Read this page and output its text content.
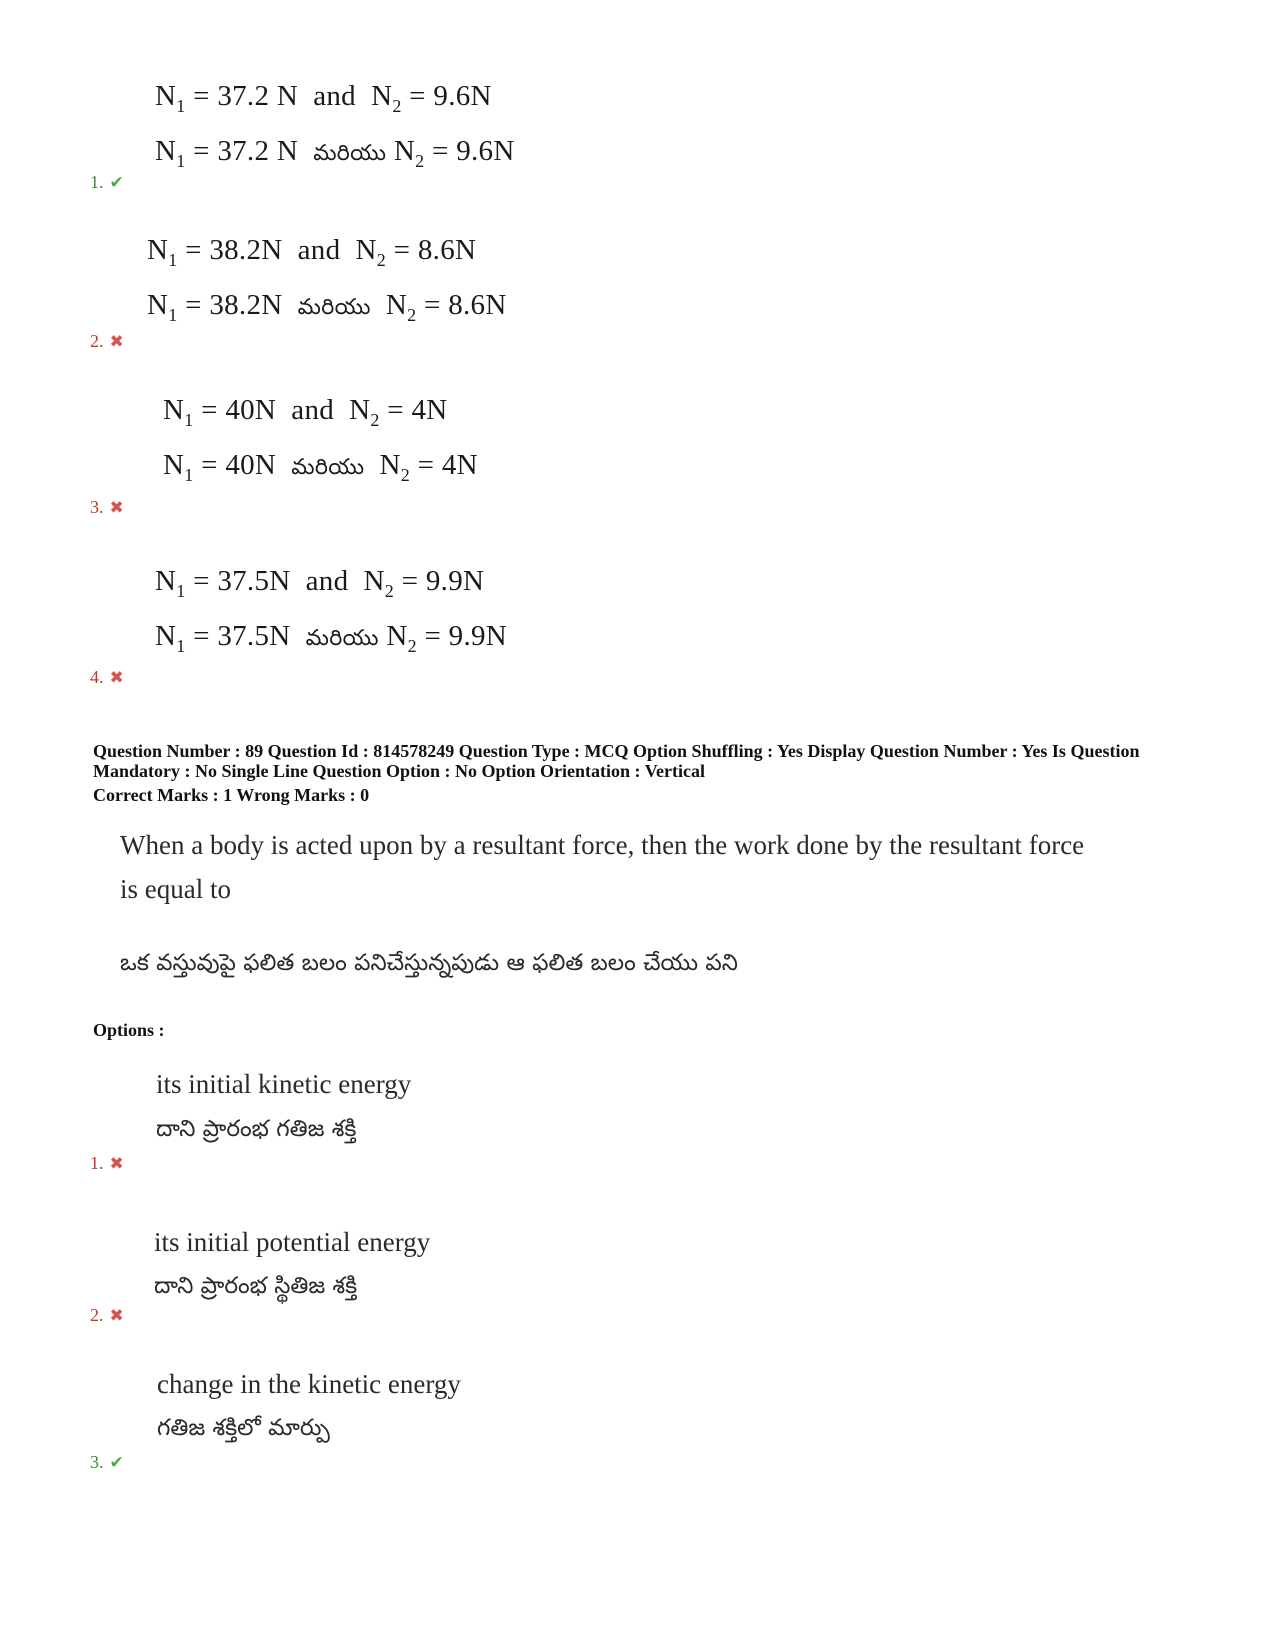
$N_1 = 37.2$ N and  $N_2 = 9.6N$
$N_1 = 37.2$ N మరియు $N_2 = 9.6N$
1. ✔
$N_1 = 38.2N$ and  $N_2 = 8.6N$
$N_1 = 38.2N$ మరియు  $N_2 = 8.6N$
2. ✖
$N_1 = 40N$ and  $N_2 = 4N$
$N_1 = 40N$ మరియు  $N_2 = 4N$
3. ✖
$N_1 = 37.5N$ and  $N_2 = 9.9N$
$N_1 = 37.5N$ మరియు $N_2 = 9.9N$
4. ✖
Question Number : 89 Question Id : 814578249 Question Type : MCQ Option Shuffling : Yes Display Question Number : Yes Is Question
Mandatory : No Single Line Question Option : No Option Orientation : Vertical
Correct Marks : 1 Wrong Marks : 0
When a body is acted upon by a resultant force, then the work done by the resultant force
is equal to
ఒక వస్తువుపై ఫలిత బలం పనిచేస్తున్నపుడు ఆ ఫలిత బలం చేయు పని
Options :
its initial kinetic energy
దాని ప్రారంభ గతిజ శక్తి
1. ✖
its initial potential energy
దాని ప్రారంభ స్థితిజ శక్తి
2. ✖
change in the kinetic energy
గతిజ శక్తిలో మార్పు
3. ✔
